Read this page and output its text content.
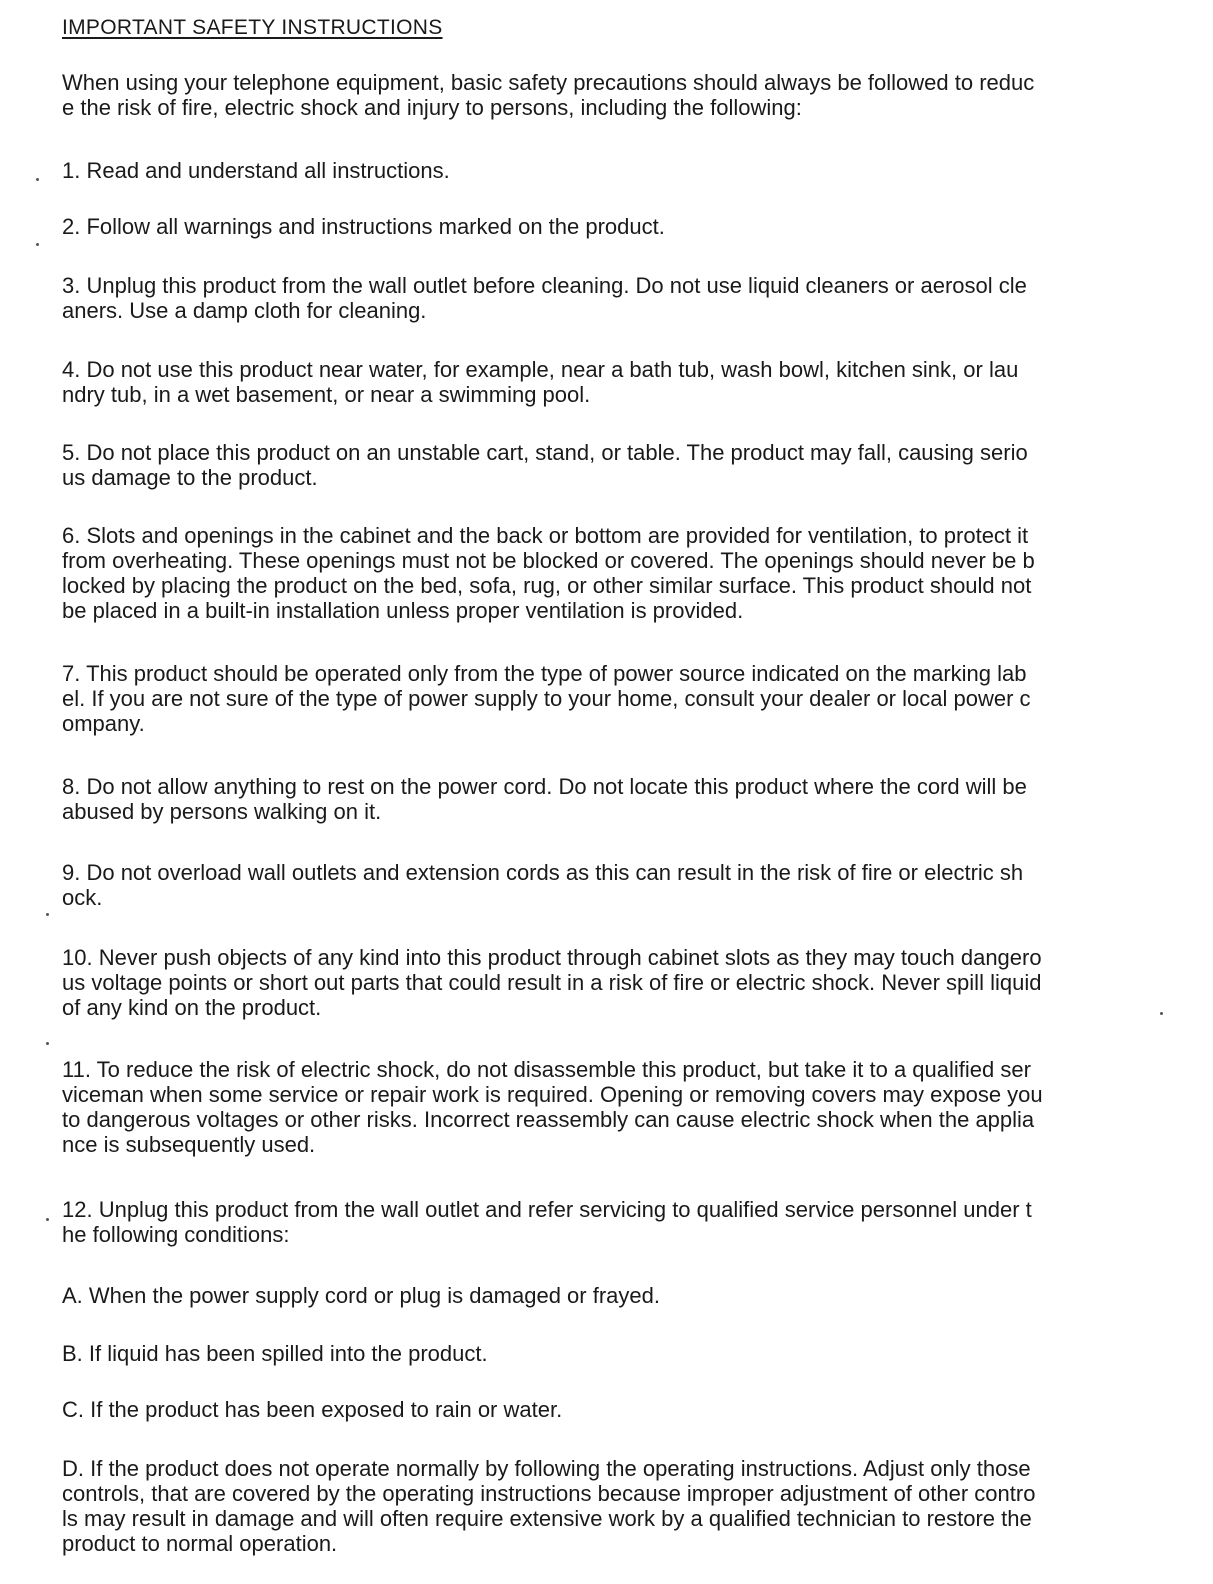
IMPORTANT SAFETY INSTRUCTIONS

When using your telephone equipment, basic safety precautions should always be followed to reduc
e the risk of fire, electric shock and injury to persons, including the following:

1. Read and understand all instructions.

2. Follow all warnings and instructions marked on the product.

3. Unplug this product from the wall outlet before cleaning. Do not use liquid cleaners or aerosol cle
aners. Use a damp cloth for cleaning.

4. Do not use this product near water, for example, near a bath tub, wash bowl, kitchen sink, or lau
ndry tub, in a wet basement, or near a swimming pool.

5. Do not place this product on an unstable cart, stand, or table. The product may fall, causing serio
us damage to the product.

6. Slots and openings in the cabinet and the back or bottom are provided for ventilation, to protect it
from overheating. These openings must not be blocked or covered. The openings should never be b
locked by placing the product on the bed, sofa, rug, or other similar surface. This product should not
be placed in a built-in installation unless proper ventilation is provided.

7. This product should be operated only from the type of power source indicated on the marking lab
el. If you are not sure of the type of power supply to your home, consult your dealer or local power c
ompany.

8. Do not allow anything to rest on the power cord. Do not locate this product where the cord will be
abused by persons walking on it.

9. Do not overload wall outlets and extension cords as this can result in the risk of fire or electric sh
ock.

10. Never push objects of any kind into this product through cabinet slots as they may touch dangero
us voltage points or short out parts that could result in a risk of fire or electric shock. Never spill liquid
of any kind on the product.

11. To reduce the risk of electric shock, do not disassemble this product, but take it to a qualified ser
viceman when some service or repair work is required. Opening or removing covers may expose you
to dangerous voltages or other risks. Incorrect reassembly can cause electric shock when the applia
nce is subsequently used.

12. Unplug this product from the wall outlet and refer servicing to qualified service personnel under t
he following conditions:

A. When the power supply cord or plug is damaged or frayed.

B. If liquid has been spilled into the product.

C. If the product has been exposed to rain or water.

D. If the product does not operate normally by following the operating instructions. Adjust only those
controls, that are covered by the operating instructions because improper adjustment of other contro
ls may result in damage and will often require extensive work by a qualified technician to restore the
product to normal operation.
